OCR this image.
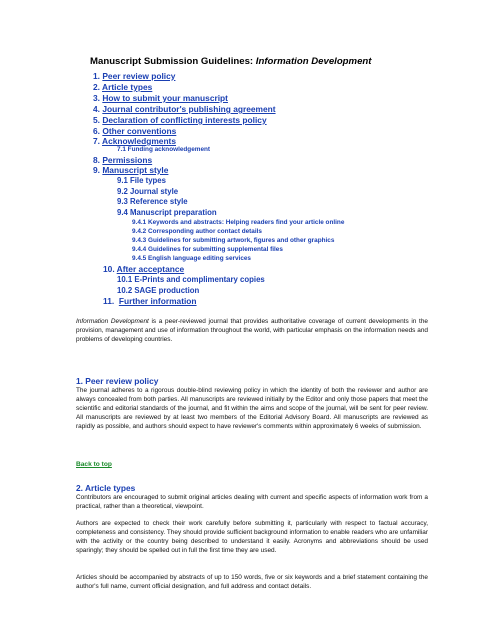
Manuscript Submission Guidelines: Information Development
1. Peer review policy
2. Article types
3. How to submit your manuscript
4. Journal contributor's publishing agreement
5. Declaration of conflicting interests policy
6. Other conventions
7. Acknowledgments
7.1 Funding acknowledgement
8. Permissions
9. Manuscript style
9.1 File types
9.2 Journal style
9.3 Reference style
9.4 Manuscript preparation
9.4.1 Keywords and abstracts: Helping readers find your article online
9.4.2 Corresponding author contact details
9.4.3 Guidelines for submitting artwork, figures and other graphics
9.4.4 Guidelines for submitting supplemental files
9.4.5 English language editing services
10. After acceptance
10.1 E-Prints and complimentary copies
10.2 SAGE production
11. Further information
Information Development is a peer-reviewed journal that provides authoritative coverage of current developments in the provision, management and use of information throughout the world, with particular emphasis on the information needs and problems of developing countries.
1. Peer review policy
The journal adheres to a rigorous double-blind reviewing policy in which the identity of both the reviewer and author are always concealed from both parties. All manuscripts are reviewed initially by the Editor and only those papers that meet the scientific and editorial standards of the journal, and fit within the aims and scope of the journal, will be sent for peer review. All manuscripts are reviewed by at least two members of the Editorial Advisory Board. All manuscripts are reviewed as rapidly as possible, and authors should expect to have reviewer's comments within approximately 6 weeks of submission.
Back to top
2. Article types
Contributors are encouraged to submit original articles dealing with current and specific aspects of information work from a practical, rather than a theoretical, viewpoint.
Authors are expected to check their work carefully before submitting it, particularly with respect to factual accuracy, completeness and consistency. They should provide sufficient background information to enable readers who are unfamiliar with the activity or the country being described to understand it easily. Acronyms and abbreviations should be used sparingly; they should be spelled out in full the first time they are used.
Articles should be accompanied by abstracts of up to 150 words, five or six keywords and a brief statement containing the author's full name, current official designation, and full address and contact details.
